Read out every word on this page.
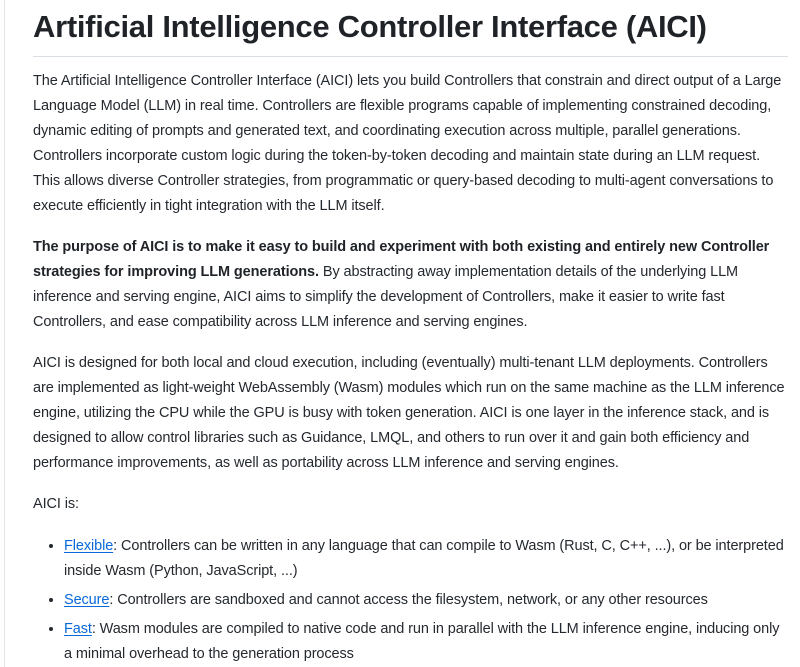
Artificial Intelligence Controller Interface (AICI)

The Artificial Intelligence Controller Interface (AICI) lets you build Controllers that constrain and direct output of a Large Language Model (LLM) in real time. Controllers are flexible programs capable of implementing constrained decoding, dynamic editing of prompts and generated text, and coordinating execution across multiple, parallel generations. Controllers incorporate custom logic during the token-by-token decoding and maintain state during an LLM request. This allows diverse Controller strategies, from programmatic or query-based decoding to multi-agent conversations to execute efficiently in tight integration with the LLM itself.

The purpose of AICI is to make it easy to build and experiment with both existing and entirely new Controller strategies for improving LLM generations. By abstracting away implementation details of the underlying LLM inference and serving engine, AICI aims to simplify the development of Controllers, make it easier to write fast Controllers, and ease compatibility across LLM inference and serving engines.

AICI is designed for both local and cloud execution, including (eventually) multi-tenant LLM deployments. Controllers are implemented as light-weight WebAssembly (Wasm) modules which run on the same machine as the LLM inference engine, utilizing the CPU while the GPU is busy with token generation. AICI is one layer in the inference stack, and is designed to allow control libraries such as Guidance, LMQL, and others to run over it and gain both efficiency and performance improvements, as well as portability across LLM inference and serving engines.

AICI is:

• Flexible: Controllers can be written in any language that can compile to Wasm (Rust, C, C++, ...), or be interpreted inside Wasm (Python, JavaScript, ...)
• Secure: Controllers are sandboxed and cannot access the filesystem, network, or any other resources
• Fast: Wasm modules are compiled to native code and run in parallel with the LLM inference engine, inducing only a minimal overhead to the generation process
